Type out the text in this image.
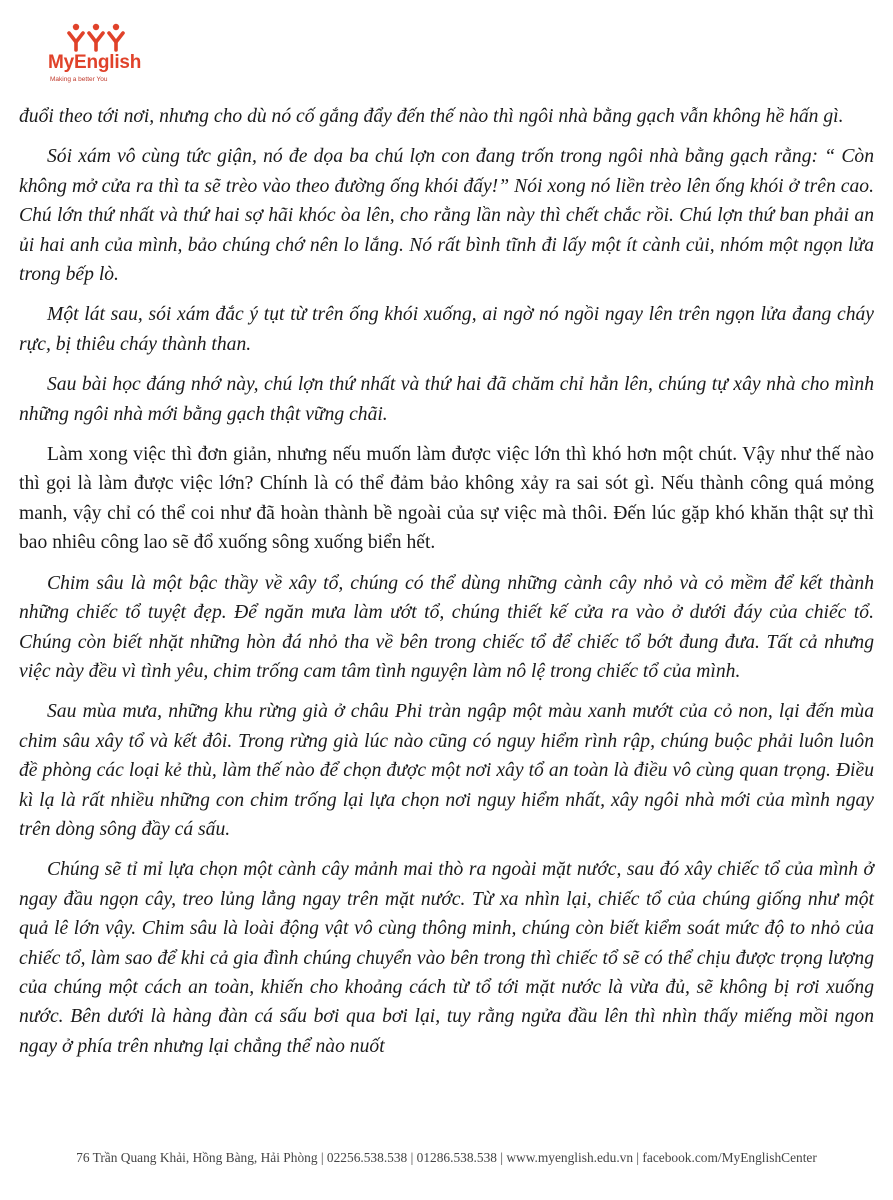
MyEnglish
Making a better You

đuổi theo tới nơi, nhưng cho dù nó cố gắng đẩy đến thế nào thì ngôi nhà bằng gạch vẫn không hề hấn gì.

Sói xám vô cùng tức giận, nó đe dọa ba chú lợn con đang trốn trong ngôi nhà bằng gạch rằng: “ Còn không mở cửa ra thì ta sẽ trèo vào theo đường ống khói đấy!” Nói xong nó liền trèo lên ống khói ở trên cao. Chú lớn thứ nhất và thứ hai sợ hãi khóc òa lên, cho rằng lần này thì chết chắc rồi. Chú lợn thứ ban phải an ủi hai anh của mình, bảo chúng chớ nên lo lắng. Nó rất bình tĩnh đi lấy một ít cành củi, nhóm một ngọn lửa trong bếp lò.

Một lát sau, sói xám đắc ý tụt từ trên ống khói xuống, ai ngờ nó ngồi ngay lên trên ngọn lửa đang cháy rực, bị thiêu cháy thành than.

Sau bài học đáng nhớ này, chú lợn thứ nhất và thứ hai đã chăm chỉ hẳn lên, chúng tự xây nhà cho mình những ngôi nhà mới bằng gạch thật vững chãi.

Làm xong việc thì đơn giản, nhưng nếu muốn làm được việc lớn thì khó hơn một chút. Vậy như thế nào thì gọi là làm được việc lớn? Chính là có thể đảm bảo không xảy ra sai sót gì. Nếu thành công quá mỏng manh, vậy chỉ có thể coi như đã hoàn thành bề ngoài của sự việc mà thôi. Đến lúc gặp khó khăn thật sự thì bao nhiêu công lao sẽ đổ xuống sông xuống biển hết.

Chim sâu là một bậc thầy về xây tổ, chúng có thể dùng những cành cây nhỏ và cỏ mềm để kết thành những chiếc tổ tuyệt đẹp. Để ngăn mưa làm ướt tổ, chúng thiết kế cửa ra vào ở dưới đáy của chiếc tổ. Chúng còn biết nhặt những hòn đá nhỏ tha về bên trong chiếc tổ để chiếc tổ bớt đung đưa. Tất cả nhưng việc này đều vì tình yêu, chim trống cam tâm tình nguyện làm nô lệ trong chiếc tổ của mình.

Sau mùa mưa, những khu rừng già ở châu Phi tràn ngập một màu xanh mướt của cỏ non, lại đến mùa chim sâu xây tổ và kết đôi. Trong rừng già lúc nào cũng có nguy hiểm rình rập, chúng buộc phải luôn luôn đề phòng các loại kẻ thù, làm thế nào để chọn được một nơi xây tổ an toàn là điều vô cùng quan trọng. Điều kì lạ là rất nhiều những con chim trống lại lựa chọn nơi nguy hiểm nhất, xây ngôi nhà mới của mình ngay trên dòng sông đầy cá sấu.

Chúng sẽ tỉ mỉ lựa chọn một cành cây mảnh mai thò ra ngoài mặt nước, sau đó xây chiếc tổ của mình ở ngay đầu ngọn cây, treo lủng lẳng ngay trên mặt nước. Từ xa nhìn lại, chiếc tổ của chúng giống như một quả lê lớn vậy. Chim sâu là loài động vật vô cùng thông minh, chúng còn biết kiểm soát mức độ to nhỏ của chiếc tổ, làm sao để khi cả gia đình chúng chuyển vào bên trong thì chiếc tổ sẽ có thể chịu được trọng lượng của chúng một cách an toàn, khiến cho khoảng cách từ tổ tới mặt nước là vừa đủ, sẽ không bị rơi xuống nước. Bên dưới là hàng đàn cá sấu bơi qua bơi lại, tuy rằng ngửa đầu lên thì nhìn thấy miếng mồi ngon ngay ở phía trên nhưng lại chẳng thể nào nuốt

76 Trần Quang Khải, Hồng Bàng, Hải Phòng | 02256.538.538 | 01286.538.538 | www.myenglish.edu.vn | facebook.com/MyEnglishCenter
